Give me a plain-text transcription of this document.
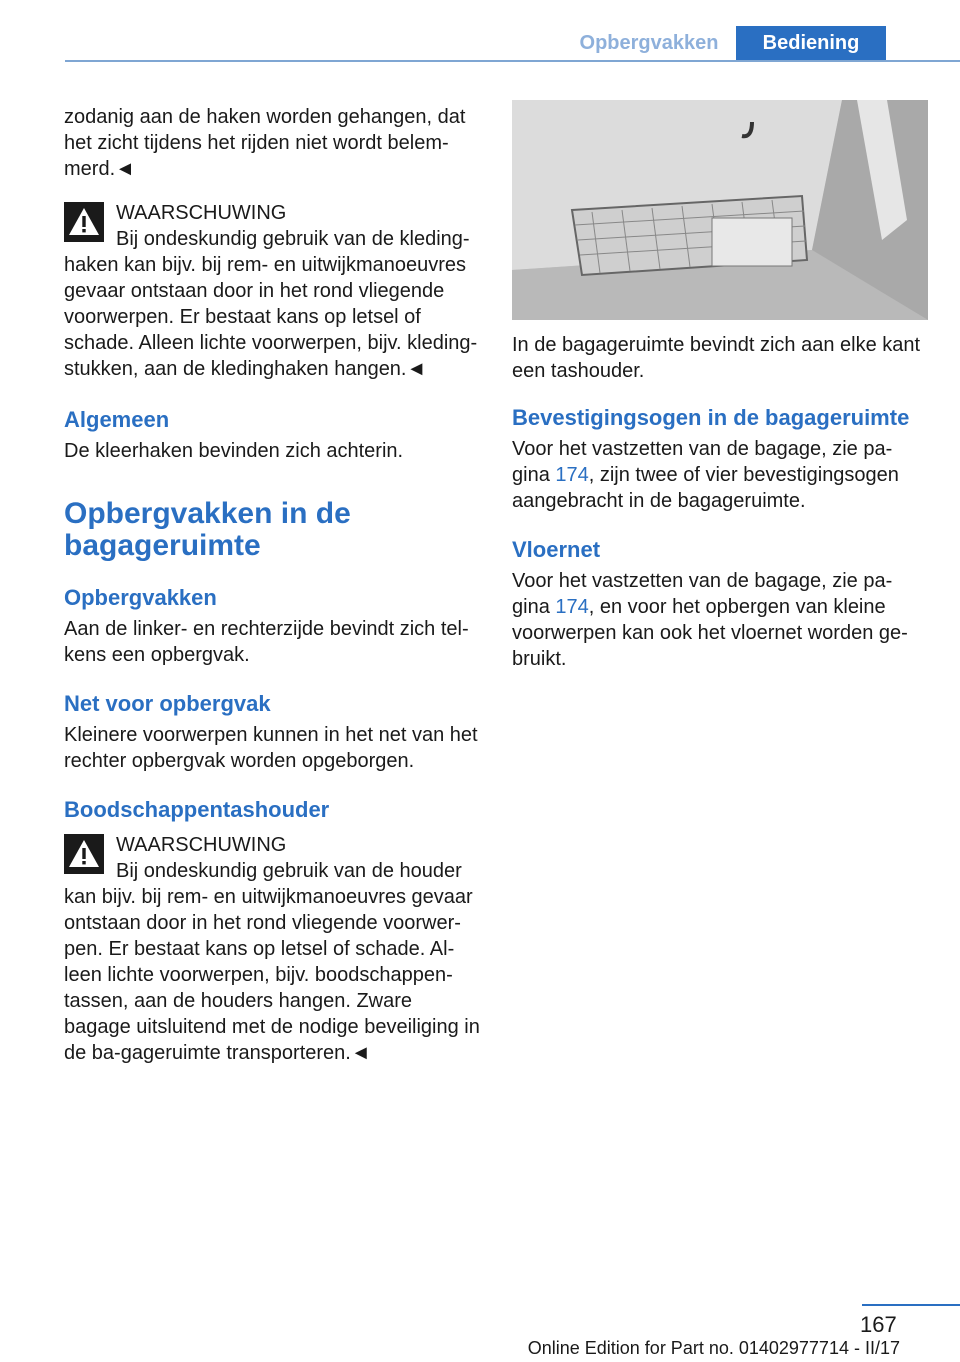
Opbergvakken	Bediening

zodanig aan de haken worden gehangen, dat het zicht tijdens het rijden niet wordt belem-merd.◄

WAARSCHUWING
Bij ondeskundig gebruik van de kleding-

haken kan bijv. bij rem- en uitwijkmanoeuvres gevaar ontstaan door in het rond vliegende voorwerpen. Er bestaat kans op letsel of schade. Alleen lichte voorwerpen, bijv. kleding-stukken, aan de kledinghaken hangen.◄

Algemeen

De kleerhaken bevinden zich achterin.

Opbergvakken in de bagageruimte

Opbergvakken

Aan de linker- en rechterzijde bevindt zich tel-kens een opbergvak.

Net voor opbergvak

Kleinere voorwerpen kunnen in het net van het rechter opbergvak worden opgeborgen.

Boodschappentashouder

WAARSCHUWING
Bij ondeskundig gebruik van de houder

kan bijv. bij rem- en uitwijkmanoeuvres gevaar ontstaan door in het rond vliegende voorwer-pen. Er bestaat kans op letsel of schade. Al-leen lichte voorwerpen, bijv. boodschappen-tassen, aan de houders hangen. Zware bagage uitsluitend met de nodige beveiliging in de ba-gageruimte transporteren.◄

In de bagageruimte bevindt zich aan elke kant een tashouder.

Bevestigingsogen in de bagageruimte

Voor het vastzetten van de bagage, zie pa-gina 174, zijn twee of vier bevestigingsogen aangebracht in de bagageruimte.

Vloernet

Voor het vastzetten van de bagage, zie pa-gina 174, en voor het opbergen van kleine voorwerpen kan ook het vloernet worden ge-bruikt.

167
Online Edition for Part no. 01402977714 - II/17
